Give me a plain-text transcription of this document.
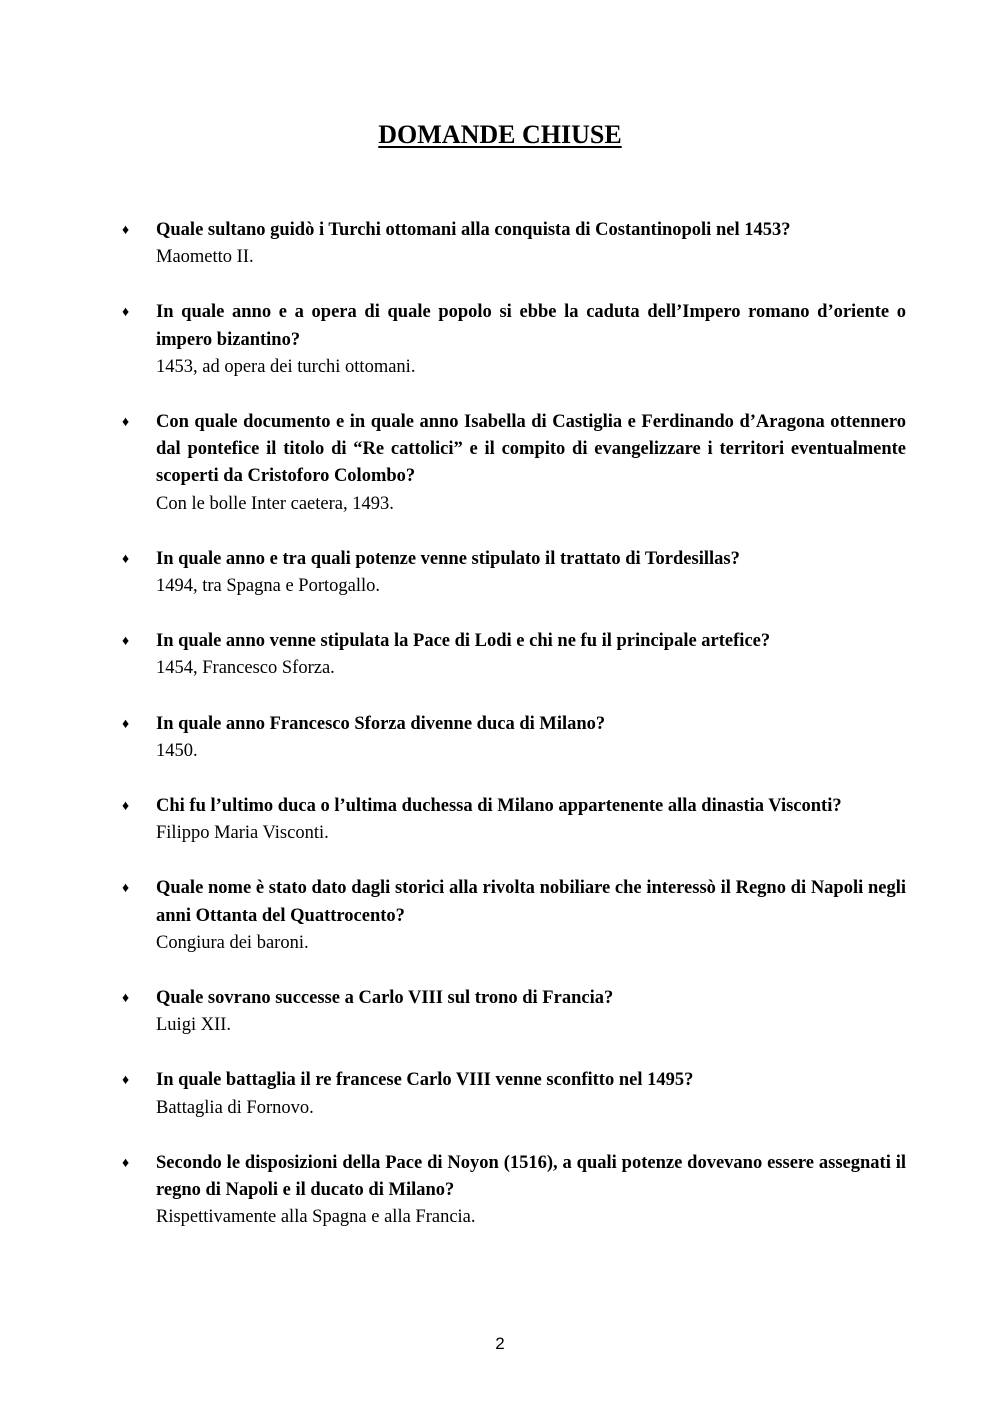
DOMANDE CHIUSE
♦	Quale sultano guidò i Turchi ottomani alla conquista di Costantinopoli nel 1453?

Maometto II.

♦	In quale anno e a opera di quale popolo si ebbe la caduta dell’Impero romano d’oriente o impero bizantino?

1453, ad opera dei turchi ottomani.

♦	Con quale documento e in quale anno Isabella di Castiglia e Ferdinando d’Aragona ottennero dal pontefice il titolo di “Re cattolici” e il compito di evangelizzare i territori eventualmente scoperti da Cristoforo Colombo?

Con le bolle Inter caetera, 1493.

♦	In quale anno e tra quali potenze venne stipulato il trattato di Tordesillas?

1494, tra Spagna e Portogallo.

♦	In quale anno venne stipulata la Pace di Lodi e chi ne fu il principale artefice?

1454, Francesco Sforza.

♦	In quale anno Francesco Sforza divenne duca di Milano?

1450.

♦	Chi fu l’ultimo duca o l’ultima duchessa di Milano appartenente alla dinastia Visconti?

Filippo Maria Visconti.

♦	Quale nome è stato dato dagli storici alla rivolta nobiliare che interessò il Regno di Napoli negli anni Ottanta del Quattrocento?

Congiura dei baroni.

♦	Quale sovrano successe a Carlo VIII sul trono di Francia?

Luigi XII.

♦	In quale battaglia il re francese Carlo VIII venne sconfitto nel 1495?

Battaglia di Fornovo.

♦	Secondo le disposizioni della Pace di Noyon (1516), a quali potenze dovevano essere assegnati il regno di Napoli e il ducato di Milano?

Rispettivamente alla Spagna e alla Francia.

2
